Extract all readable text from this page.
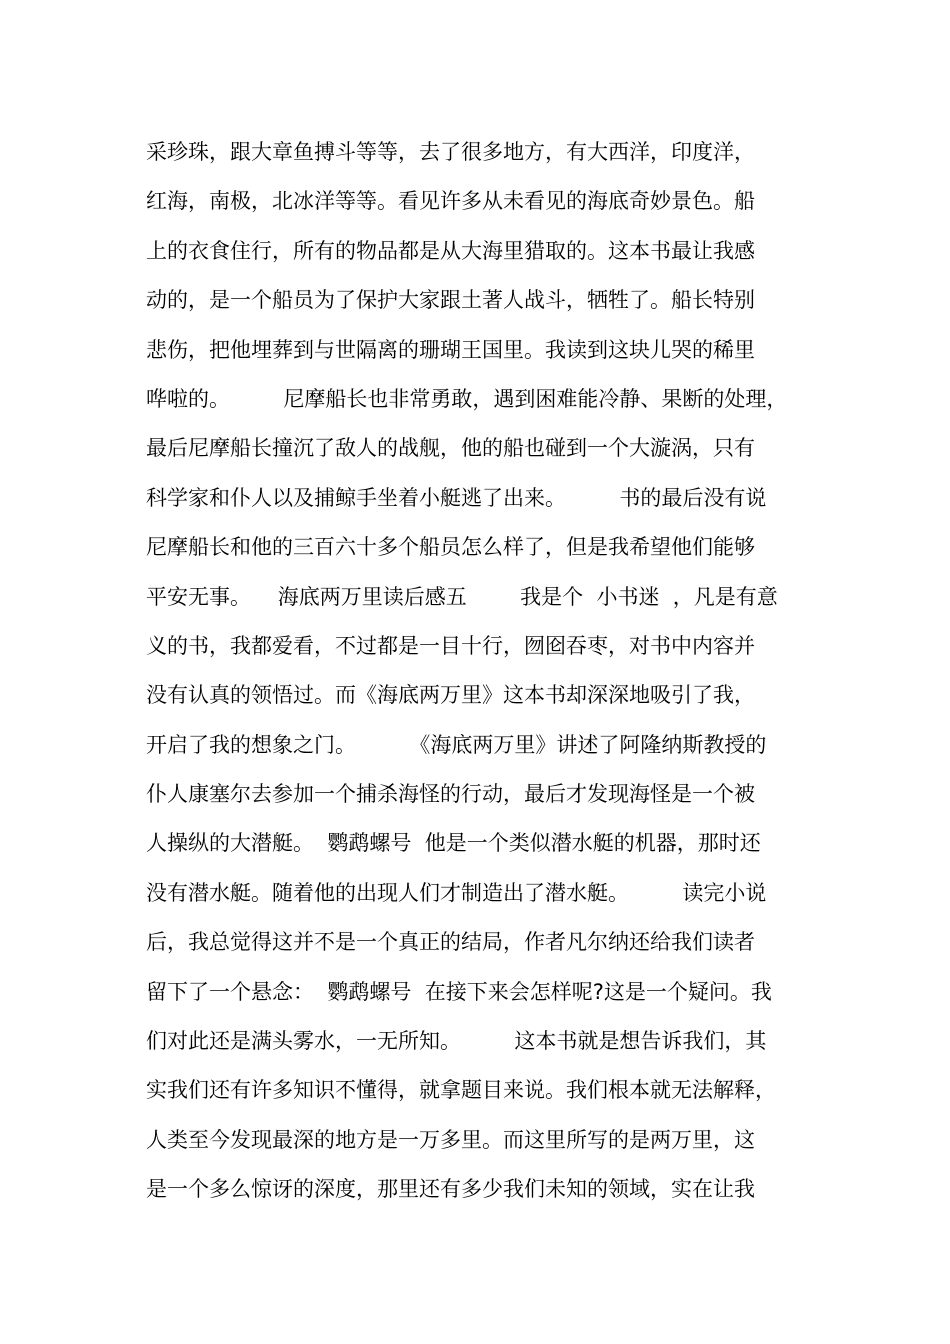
采珍珠，跟大章鱼搏斗等等，去了很多地方，有大西洋，印度洋，
红海，南极，北冰洋等等。看见许多从未看见的海底奇妙景色。船
上的衣食住行，所有的物品都是从大海里猎取的。这本书最让我感
动的，是一个船员为了保护大家跟土著人战斗，牺牲了。船长特别
悲伤，把他埋葬到与世隔离的珊瑚王国里。我读到这块儿哭的稀里
哗啦的。        尼摩船长也非常勇敢，遇到困难能冷静、果断的处理，
最后尼摩船长撞沉了敌人的战舰，他的船也碰到一个大漩涡，只有
科学家和仆人以及捕鲸手坐着小艇逃了出来。        书的最后没有说
尼摩船长和他的三百六十多个船员怎么样了，但是我希望他们能够
平安无事。    海底两万里读后感五        我是个  小书迷  ，凡是有意
义的书，我都爱看，不过都是一目十行，囫囵吞枣，对书中内容并
没有认真的领悟过。而《海底两万里》这本书却深深地吸引了我，
开启了我的想象之门。        《海底两万里》讲述了阿隆纳斯教授的
仆人康塞尔去参加一个捕杀海怪的行动，最后才发现海怪是一个被
人操纵的大潜艇。  鹦鹉螺号  他是一个类似潜水艇的机器，那时还
没有潜水艇。随着他的出现人们才制造出了潜水艇。        读完小说
后，我总觉得这并不是一个真正的结局，作者凡尔纳还给我们读者
留下了一个悬念：  鹦鹉螺号  在接下来会怎样呢?这是一个疑问。我
们对此还是满头雾水，一无所知。        这本书就是想告诉我们，其
实我们还有许多知识不懂得，就拿题目来说。我们根本就无法解释，
人类至今发现最深的地方是一万多里。而这里所写的是两万里，这
是一个多么惊讶的深度，那里还有多少我们未知的领域，实在让我
